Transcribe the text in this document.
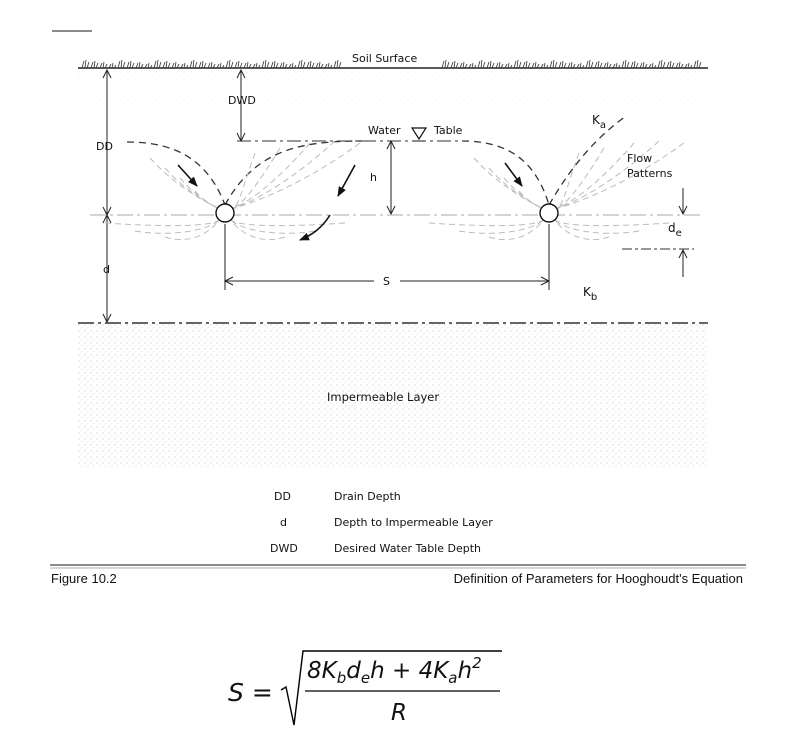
Soil Surface
DD
d
DWD
Water	Table
h
$K_a$
Flow
Patterns
$d_e$
S
$K_b$
Impermeable Layer
DD	Drain Depth
d	Depth to Impermeable Layer
DWD	Desired Water Table Depth
Figure 10.2	Definition of Parameters for Hooghoudt's Equation
S =
$8K_bd_eh + 4K_ah^2$
R
